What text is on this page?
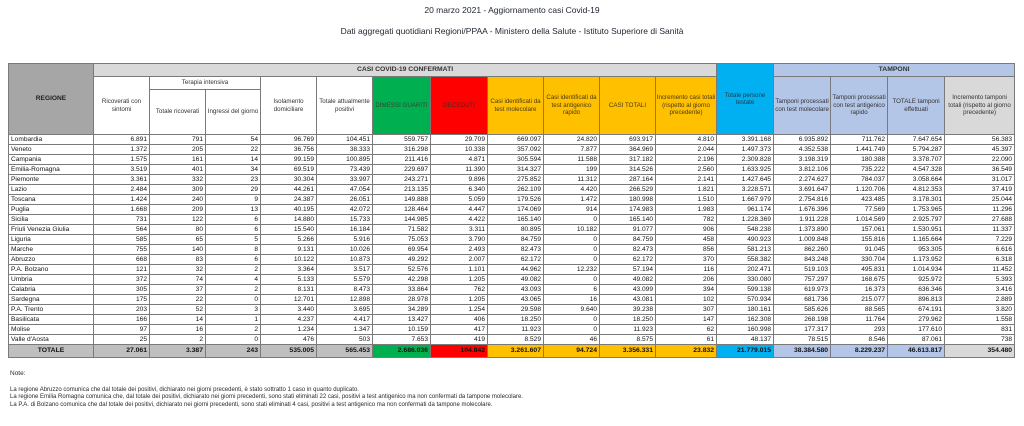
20 marzo 2021 - Aggiornamento casi Covid-19
Dati aggregati quotidiani Regioni/PPAA - Ministero della Salute - Istituto Superiore di Sanità
REGIONE	CASI COVID-19 CONFERMATI											Totale persone testate	TAMPONI			
	Ricoverati con sintomi	Terapia intensiva		Isolamento domiciliare	Totale attualmente positivi	DIMESSI GUARITI	DECEDUTI	Casi identificati da test molecolare	Casi identificati da test antigenico rapido	CASI TOTALI	Incremento casi totali (rispetto al giorno precedente)		Tamponi processati con test molecolare	Tamponi processati con test antigenico rapido	TOTALE tamponi effettuati	Incremento tamponi totali (rispetto al giorno precedente)
		Totale ricoverati	Ingressi del giorno													
Lombardia	6.891	791	54	96.769	104.451	559.757	29.709	669.097	24.820	693.917	4.810	3.391.168	6.935.892	711.762	7.647.654	56.383
Veneto	1.372	205	22	36.756	38.333	316.298	10.338	357.092	7.877	364.969	2.044	1.497.373	4.352.538	1.441.749	5.794.287	45.397
Campania	1.575	161	14	99.159	100.895	211.416	4.871	305.594	11.588	317.182	2.196	2.309.828	3.198.319	180.388	3.378.707	22.090
Emilia-Romagna	3.519	401	34	69.519	73.439	229.697	11.390	314.327	199	314.526	2.560	1.633.925	3.812.106	735.222	4.547.328	36.549
Piemonte	3.361	332	23	30.304	33.997	243.271	9.896	275.852	11.312	287.164	2.141	1.427.645	2.274.627	784.037	3.058.664	31.017
Lazio	2.484	309	29	44.261	47.054	213.135	6.340	262.109	4.420	266.529	1.821	3.228.571	3.691.647	1.120.706	4.812.353	37.419
Toscana	1.424	240	9	24.387	26.051	149.888	5.059	179.526	1.472	180.998	1.510	1.667.979	2.754.816	423.485	3.178.301	25.044
Puglia	1.668	209	13	40.195	42.072	128.464	4.447	174.069	914	174.983	1.983	961.174	1.676.396	77.569	1.753.965	11.296
Sicilia	731	122	6	14.880	15.733	144.985	4.422	165.140	0	165.140	782	1.228.369	1.911.228	1.014.569	2.925.797	27.688
Friuli Venezia Giulia	564	80	6	15.540	16.184	71.582	3.311	80.895	10.182	91.077	906	548.238	1.373.890	157.061	1.530.951	11.337
Liguria	585	65	5	5.266	5.916	75.053	3.790	84.759	0	84.759	458	490.923	1.009.848	155.816	1.165.664	7.229
Marche	755	140	8	9.131	10.026	69.954	2.493	82.473	0	82.473	856	581.213	862.260	91.045	953.305	6.616
Abruzzo	668	83	6	10.122	10.873	49.292	2.007	62.172	0	62.172	370	558.382	843.248	330.704	1.173.952	6.318
P.A. Bolzano	121	32	2	3.364	3.517	52.576	1.101	44.962	12.232	57.194	116	202.471	519.103	495.831	1.014.934	11.452
Umbria	372	74	4	5.133	5.579	42.298	1.205	49.082	0	49.082	206	330.080	757.297	168.675	925.972	5.393
Calabria	305	37	2	8.131	8.473	33.864	762	43.093	6	43.099	394	599.138	619.973	16.373	636.346	3.416
Sardegna	175	22	0	12.701	12.898	28.978	1.205	43.065	16	43.081	102	570.934	681.736	215.077	896.813	2.889
P.A. Trento	203	52	3	3.440	3.695	34.289	1.254	29.598	9.640	39.238	307	180.161	585.626	88.565	674.191	3.820
Basilicata	166	14	1	4.237	4.417	13.427	406	18.250	0	18.250	147	162.308	268.198	11.764	279.962	1.558
Molise	97	16	2	1.234	1.347	10.159	417	11.923	0	11.923	62	160.998	177.317	293	177.610	831
Valle d'Aosta	25	2	0	476	503	7.653	419	8.529	46	8.575	61	48.137	78.515	8.546	87.061	738
TOTALE	27.061	3.387	243	535.005	565.453	2.686.036	104.842	3.261.607	94.724	3.356.331	23.832	21.779.015	38.384.580	8.229.237	46.613.817	354.480
Note:
La regione Abruzzo comunica che dal totale dei positivi, dichiarato nei giorni precedenti, è stato sottratto 1 caso in quanto duplicato.
La regione Emilia Romagna comunica che, dal totale dei positivi, dichiarato nei giorni precedenti, sono stati eliminati 22 casi, positivi a test antigenico ma non confermati da tampone molecolare.
La P.A. di Bolzano comunica che dal totale dei positivi, dichiarato nei giorni precedenti, sono stati eliminati 4 casi, positivi a test antigenico ma non confermati da tampone molecolare.
